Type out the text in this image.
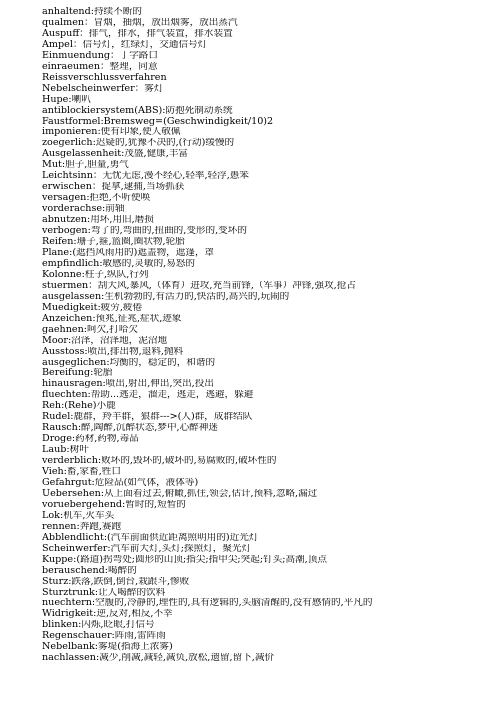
anhaltend:持续不断的
qualmen：冒烟，抽烟，放出烟雾，放出蒸汽
Auspuff：排气，排水，排气装置，排水装置
Ampel：信号灯，红绿灯，交通信号灯
Einmuendung：丁字路口
einraeumen：整理，同意
Reissverschlussverfahren
Nebelscheinwerfer：雾灯
Hupe:喇叭
antiblockiersystem(ABS):防抱死制动系统
Faustformel:Bremsweg=(Geschwindigkeit/10)2
imponieren:使有印象,使人敬佩
zoegerlich:迟疑的,犹豫不决的,(行动)缓慢的
Ausgelassenheit:茂盛,健康,丰富
Mut:胆子,胆量,勇气
Leichtsinn：无忧无虑,漫不经心,轻率,轻浮,愚笨
erwischen：捉拿,逮捕,当场抓获
versagen:拒绝,不听使唤
vorderachse:前轴
abnutzen:用坏,用旧,磨损
verbogen:弯了的,弯曲的,扭曲的,变形的,变坏的
Reifen:珊子,箍,篮圈,圈状物,轮胎
Plane:(遮挡风雨用的)遮盖物，遮篷，罩
empfindlich:敏感的,灵敏的,易怒的
Kolonne:柱子,纵队,行列
stuermen：刮大风,暴风,（体育）进攻,充当前锋,（军事）冲锋,强攻,抢占
ausgelassen:生机勃勃的,有活力的,快活的,高兴的,玩闹的
Muedigkeit:疲劳,疲倦
Anzeichen:预兆,征兆,症状,迹象
gaehnen:呵欠,打哈欠
Moor:沼泽，沼泽地，泥沼地
Ausstoss:喷出,排出物,退料,抛料
ausgeglichen:均衡的，稳定的，和谐的
Bereifung:轮胎
hinausragen:喷出,射出,伸出,突出,投出
fluechten:帮助...逃走，溜走，逃走，逃避，躲避
Reh:(Rehe)小鹿
Rudel:鹿群，羚羊群，狼群--->(人)群，成群结队
Rausch:醉,陶醉,沉醉状态,梦中,心醉神迷
Droge:药材,药物,毒品
Laub:树叶
verderblich:败坏的,毁坏的,破坏的,易腐败的,破坏性的
Vieh:畜,家畜,牲口
Gefahrgut:危险品(如气体，液体等)
Uebersehen:从上面看过去,俯瞰,抓住,领会,估计,预料,忽略,漏过
voruebergehend:暂时的,短暂的
Lok:机车,火车头
rennen:奔跑,赛跑
Abblendlicht:(汽车前面供近距离照明用的)近光灯
Scheinwerfer:汽车前大灯,头灯;探照灯，聚光灯
Kuppe:(路道)拐弯处;圆形的山顶;指尖;指甲尖;突起;钉头;高潮,顶点
berauschend:喝醉的
Sturz:跌落,跌倒,倒台,栽跟斗,惨败
Sturztrunk:让人喝醉的饮料
nuechtern:空腹的,冷静的,理性的,具有逻辑的,头脑清醒的,没有感情的,平凡的
Widrigkeit:逆,反对,相反,不幸
blinken:闪烁,眨眼,打信号
Regenschauer:阵雨,雷阵雨
Nebelbank:雾堤(指海上浓雾)
nachlassen:减少,削减,减轻,减负,放松,遗留,留下,减价
